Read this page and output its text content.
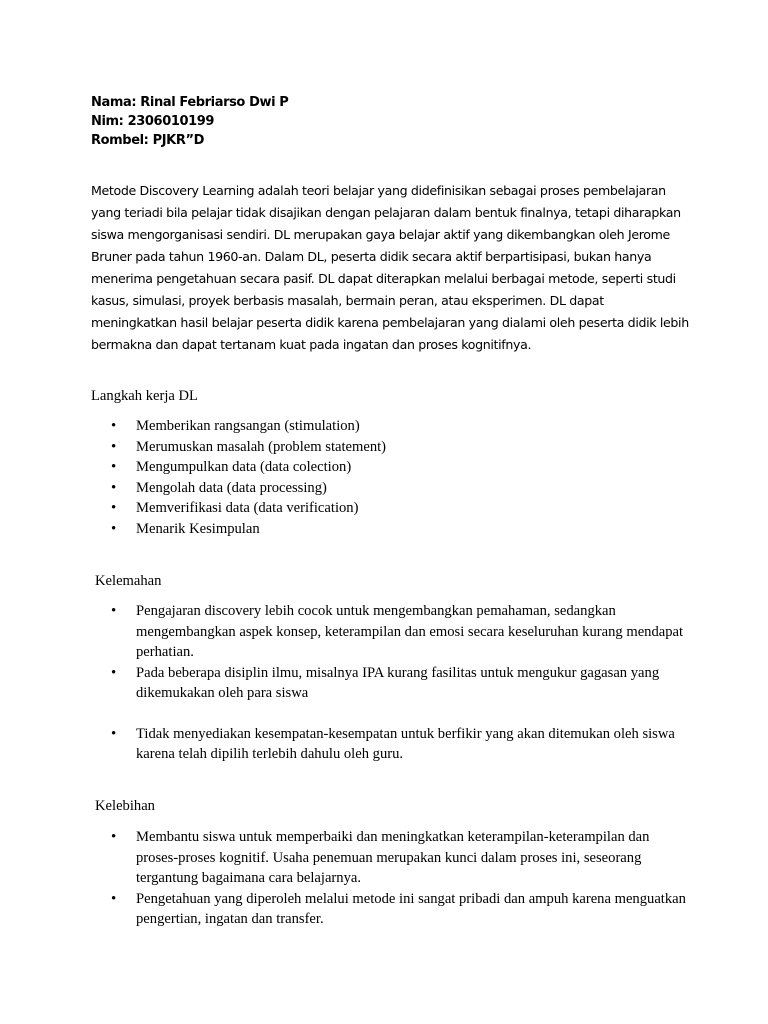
Nama: Rinal Febriarso Dwi P
Nim: 2306010199
Rombel: PJKR”D

Metode Discovery Learning adalah teori belajar yang didefinisikan sebagai proses pembelajaran yang teriadi bila pelajar tidak disajikan dengan pelajaran dalam bentuk finalnya, tetapi diharapkan siswa mengorganisasi sendiri. DL merupakan gaya belajar aktif yang dikembangkan oleh Jerome Bruner pada tahun 1960-an. Dalam DL, peserta didik secara aktif berpartisipasi, bukan hanya menerima pengetahuan secara pasif. DL dapat diterapkan melalui berbagai metode, seperti studi kasus, simulasi, proyek berbasis masalah, bermain peran, atau eksperimen. DL dapat meningkatkan hasil belajar peserta didik karena pembelajaran yang dialami oleh peserta didik lebih bermakna dan dapat tertanam kuat pada ingatan dan proses kognitifnya.

Langkah kerja DL

• Memberikan rangsangan (stimulation)
• Merumuskan masalah (problem statement)
• Mengumpulkan data (data colection)
• Mengolah data (data processing)
• Memverifikasi data (data verification)
• Menarik Kesimpulan

Kelemahan

• Pengajaran discovery lebih cocok untuk mengembangkan pemahaman, sedangkan mengembangkan aspek konsep, keterampilan dan emosi secara keseluruhan kurang mendapat perhatian.
• Pada beberapa disiplin ilmu, misalnya IPA kurang fasilitas untuk mengukur gagasan yang dikemukakan oleh para siswa
• Tidak menyediakan kesempatan-kesempatan untuk berfikir yang akan ditemukan oleh siswa karena telah dipilih terlebih dahulu oleh guru.

Kelebihan

• Membantu siswa untuk memperbaiki dan meningkatkan keterampilan-keterampilan dan proses-proses kognitif. Usaha penemuan merupakan kunci dalam proses ini, seseorang tergantung bagaimana cara belajarnya.
• Pengetahuan yang diperoleh melalui metode ini sangat pribadi dan ampuh karena menguatkan pengertian, ingatan dan transfer.
